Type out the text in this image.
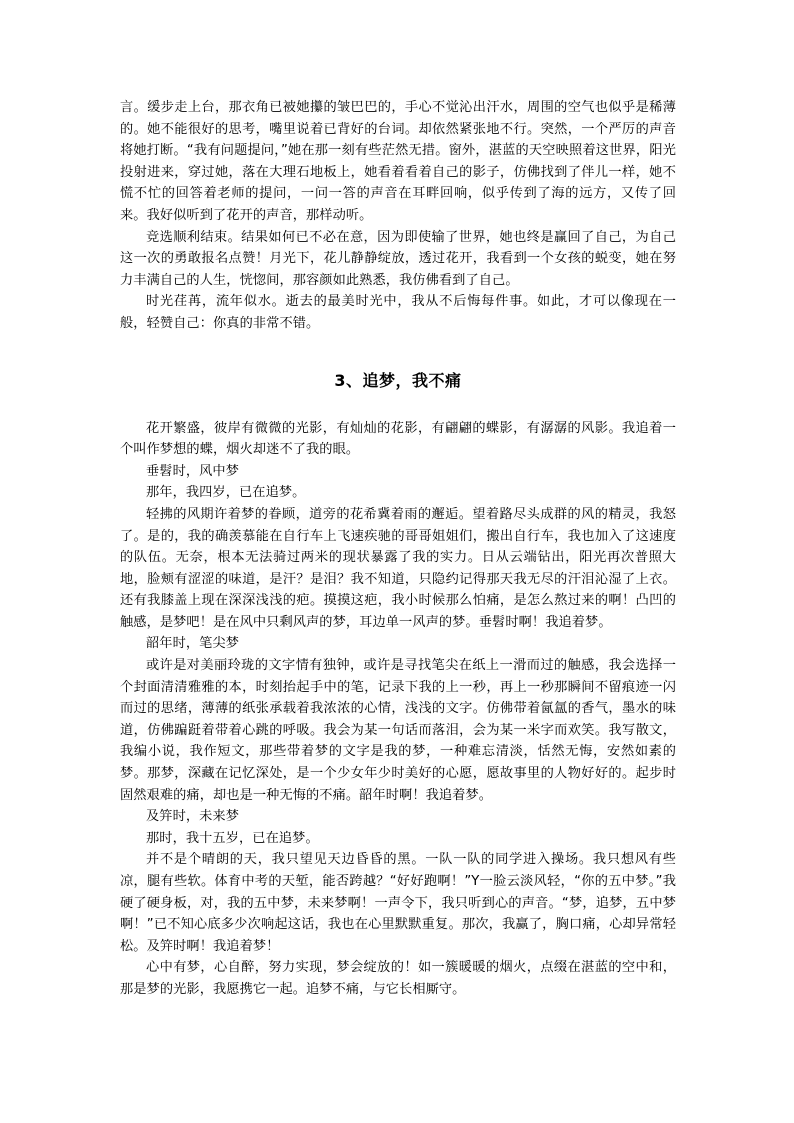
言。缓步走上台，那衣角已被她攥的皱巴巴的，手心不觉沁出汗水，周围的空气也似乎是稀薄的。她不能很好的思考，嘴里说着已背好的台词。却依然紧张地不行。突然，一个严厉的声音将她打断。“我有问题提问，”她在那一刻有些茫然无措。窗外，湛蓝的天空映照着这世界，阳光投射进来，穿过她，落在大理石地板上，她看着看着自己的影子，仿佛找到了伴儿一样，她不慌不忙的回答着老师的提问，一问一答的声音在耳畔回响，似乎传到了海的远方，又传了回来。我好似听到了花开的声音，那样动听。

竞选顺利结束。结果如何已不必在意，因为即使输了世界，她也终是赢回了自己，为自己这一次的勇敢报名点赞！月光下，花儿静静绽放，透过花开，我看到一个女孩的蜕变，她在努力丰满自己的人生，恍惚间，那容颜如此熟悉，我仿佛看到了自己。

时光荏苒，流年似水。逝去的最美时光中，我从不后悔每件事。如此，才可以像现在一般，轻赞自己：你真的非常不错。

3、追梦，我不痛

花开繁盛，彼岸有微微的光影，有灿灿的花影，有翩翩的蝶影，有潺潺的风影。我追着一个叫作梦想的蝶，烟火却迷不了我的眼。

垂髫时，风中梦

那年，我四岁，已在追梦。

轻拂的风期许着梦的眷顾，道旁的花希冀着雨的邂逅。望着路尽头成群的风的精灵，我怒了。是的，我的确羡慕能在自行车上飞速疾驰的哥哥姐姐们，搬出自行车，我也加入了这速度的队伍。无奈，根本无法骑过两米的现状暴露了我的实力。日从云端钻出，阳光再次普照大地，脸颊有涩涩的味道，是汗？是泪？我不知道，只隐约记得那天我无尽的汗泪沁湿了上衣。还有我膝盖上现在深深浅浅的疤。摸摸这疤，我小时候那么怕痛，是怎么熬过来的啊！凸凹的触感，是梦吧！是在风中只剩风声的梦，耳边单一风声的梦。垂髫时啊！我追着梦。

韶年时，笔尖梦

或许是对美丽玲珑的文字情有独钟，或许是寻找笔尖在纸上一滑而过的触感，我会选择一个封面清清雅雅的本，时刻抬起手中的笔，记录下我的上一秒，再上一秒那瞬间不留痕迹一闪而过的思绪，薄薄的纸张承载着我浓浓的心情，浅浅的文字。仿佛带着氤氲的香气，墨水的味道，仿佛蹁跹着带着心跳的呼吸。我会为某一句话而落泪，会为某一米字而欢笑。我写散文，我编小说，我作短文，那些带着梦的文字是我的梦，一种难忘清淡，恬然无悔，安然如素的梦。那梦，深藏在记忆深处，是一个少女年少时美好的心愿，愿故事里的人物好好的。起步时固然艰难的痛，却也是一种无悔的不痛。韶年时啊！我追着梦。

及笄时，未来梦

那时，我十五岁，已在追梦。

并不是个晴朗的天，我只望见天边昏昏的黑。一队一队的同学进入操场。我只想风有些凉，腿有些软。体育中考的天堑，能否跨越？“好好跑啊！”Y一脸云淡风轻，“你的五中梦。”我硬了硬身板，对，我的五中梦，未来梦啊！一声令下，我只听到心的声音。“梦，追梦，五中梦啊！”已不知心底多少次响起这话，我也在心里默默重复。那次，我赢了，胸口痛，心却异常轻松。及笄时啊！我追着梦！

心中有梦，心自醉，努力实现，梦会绽放的！如一簇暖暖的烟火，点缀在湛蓝的空中和，那是梦的光影，我愿携它一起。追梦不痛，与它长相厮守。
